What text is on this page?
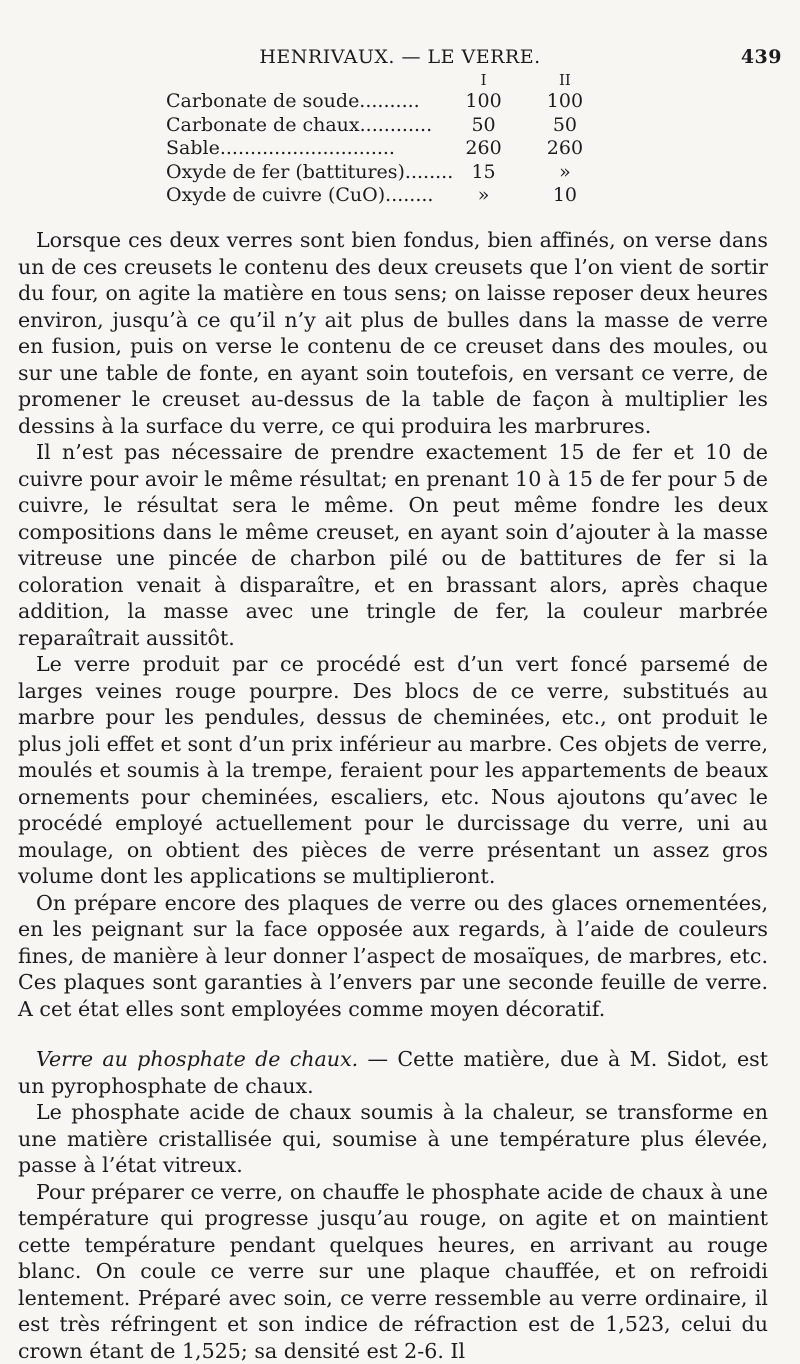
HENRIVAUX. — LE VERRE.	439
	I	II
Carbonate de soude..........	100	100
Carbonate de chaux............	50	50
Sable.............................	260	260
Oxyde de fer (battitures)........	15	»
Oxyde de cuivre (CuO)........	»	10

Lorsque ces deux verres sont bien fondus, bien affinés, on verse dans un de ces creusets le contenu des deux creusets que l’on vient de sortir du four, on agite la matière en tous sens; on laisse reposer deux heures environ, jusqu’à ce qu’il n’y ait plus de bulles dans la masse de verre en fusion, puis on verse le contenu de ce creuset dans des moules, ou sur une table de fonte, en ayant soin toutefois, en versant ce verre, de promener le creuset au-dessus de la table de façon à multiplier les dessins à la surface du verre, ce qui produira les marbrures.

Il n’est pas nécessaire de prendre exactement 15 de fer et 10 de cuivre pour avoir le même résultat; en prenant 10 à 15 de fer pour 5 de cuivre, le résultat sera le même. On peut même fondre les deux compositions dans le même creuset, en ayant soin d’ajouter à la masse vitreuse une pincée de charbon pilé ou de battitures de fer si la coloration venait à disparaître, et en brassant alors, après chaque addition, la masse avec une tringle de fer, la couleur marbrée reparaîtrait aussitôt.

Le verre produit par ce procédé est d’un vert foncé parsemé de larges veines rouge pourpre. Des blocs de ce verre, substitués au marbre pour les pendules, dessus de cheminées, etc., ont produit le plus joli effet et sont d’un prix inférieur au marbre. Ces objets de verre, moulés et soumis à la trempe, feraient pour les appartements de beaux ornements pour cheminées, escaliers, etc. Nous ajoutons qu’avec le procédé employé actuellement pour le durcissage du verre, uni au moulage, on obtient des pièces de verre présentant un assez gros volume dont les applications se multiplieront.

On prépare encore des plaques de verre ou des glaces ornementées, en les peignant sur la face opposée aux regards, à l’aide de couleurs fines, de manière à leur donner l’aspect de mosaïques, de marbres, etc. Ces plaques sont garanties à l’envers par une seconde feuille de verre. A cet état elles sont employées comme moyen décoratif.

Verre au phosphate de chaux. — Cette matière, due à M. Sidot, est un pyrophosphate de chaux.

Le phosphate acide de chaux soumis à la chaleur, se transforme en une matière cristallisée qui, soumise à une température plus élevée, passe à l’état vitreux.

Pour préparer ce verre, on chauffe le phosphate acide de chaux à une température qui progresse jusqu’au rouge, on agite et on maintient cette température pendant quelques heures, en arrivant au rouge blanc. On coule ce verre sur une plaque chauffée, et on refroidi lentement. Préparé avec soin, ce verre ressemble au verre ordinaire, il est très réfringent et son indice de réfraction est de 1,523, celui du crown étant de 1,525; sa densité est 2-6. Il
